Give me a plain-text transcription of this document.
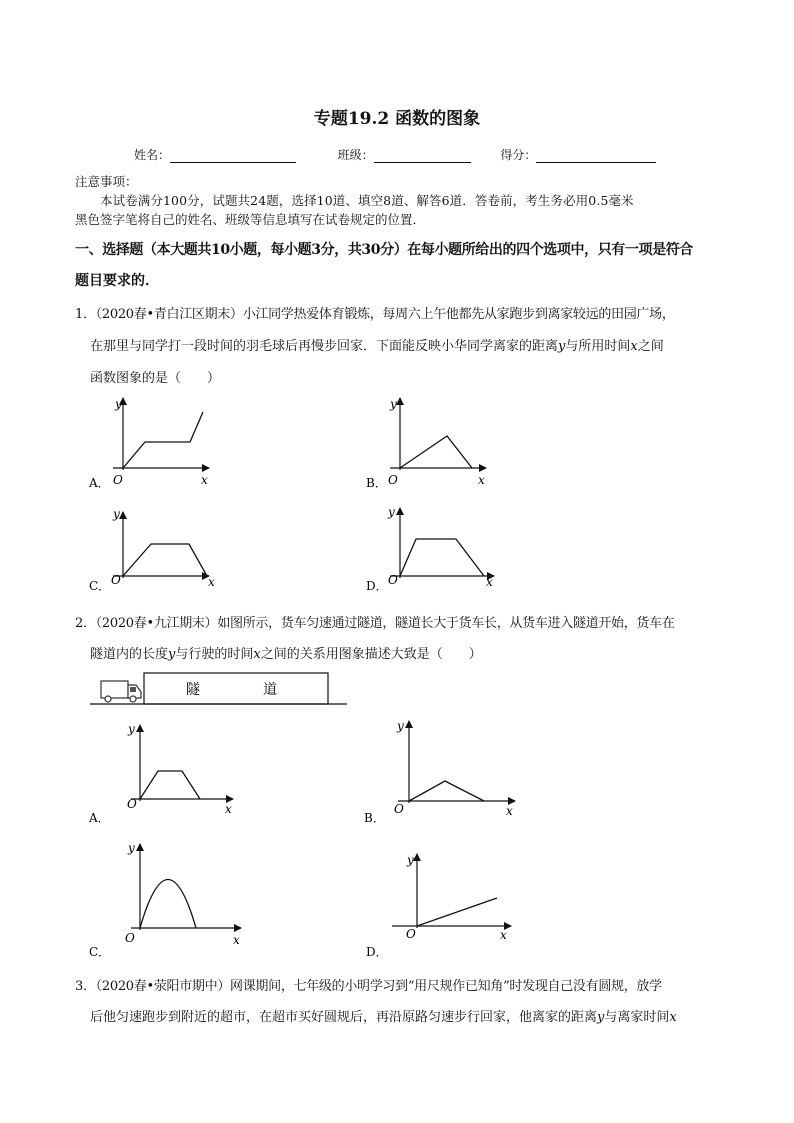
专题19.2 函数的图象
姓名：	班级：	得分：
注意事项：
本试卷满分100分，试题共24题，选择10道、填空8道、解答6道．答卷前，考生务必用0.5毫米
黑色签字笔将自己的姓名、班级等信息填写在试卷规定的位置．
一、选择题（本大题共10小题，每小题3分，共30分）在每小题所给出的四个选项中，只有一项是符合
题目要求的．
1．（2020春•青白江区期末）小江同学热爱体育锻炼，每周六上午他都先从家跑步到离家较远的田园广场，
在那里与同学打一段时间的羽毛球后再慢步回家．下面能反映小华同学离家的距离y与所用时间x之间
函数图象的是（　　）
y
O	x
A．
y
O	x
B．
y
O	x
C．
y
O	x
D．
2．（2020春•九江期末）如图所示，货车匀速通过隧道，隧道长大于货车长，从货车进入隧道开始，货车在
隧道内的长度y与行驶的时间x之间的关系用图象描述大致是（　　）
隧	道
y
O	x
A．
y
O	x
B．
y
O	x
C．
y
O	x
D．
3．（2020春•荥阳市期中）网课期间，七年级的小明学习到“用尺规作已知角”时发现自己没有圆规，放学
后他匀速跑步到附近的超市，在超市买好圆规后，再沿原路匀速步行回家，他离家的距离y与离家时间x
